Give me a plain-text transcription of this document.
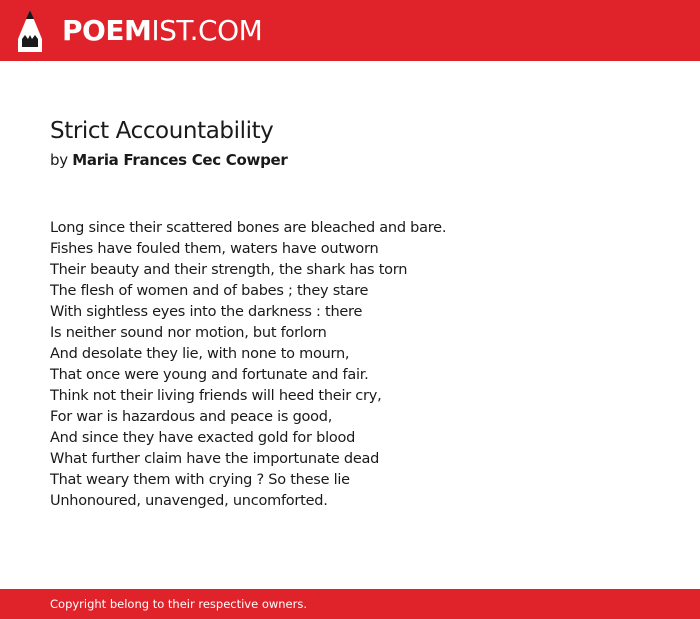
POEMIST.COM
Strict Accountability
by Maria Frances Cec Cowper
Long since their scattered bones are bleached and bare.
Fishes have fouled them, waters have outworn
Their beauty and their strength, the shark has torn
The flesh of women and of babes ; they stare
With sightless eyes into the darkness : there
Is neither sound nor motion, but forlorn
And desolate they lie, with none to mourn,
That once were young and fortunate and fair.
Think not their living friends will heed their cry,
For war is hazardous and peace is good,
And since they have exacted gold for blood
What further claim have the importunate dead
That weary them with crying ? So these lie
Unhonoured, unavenged, uncomforted.
Copyright belong to their respective owners.
